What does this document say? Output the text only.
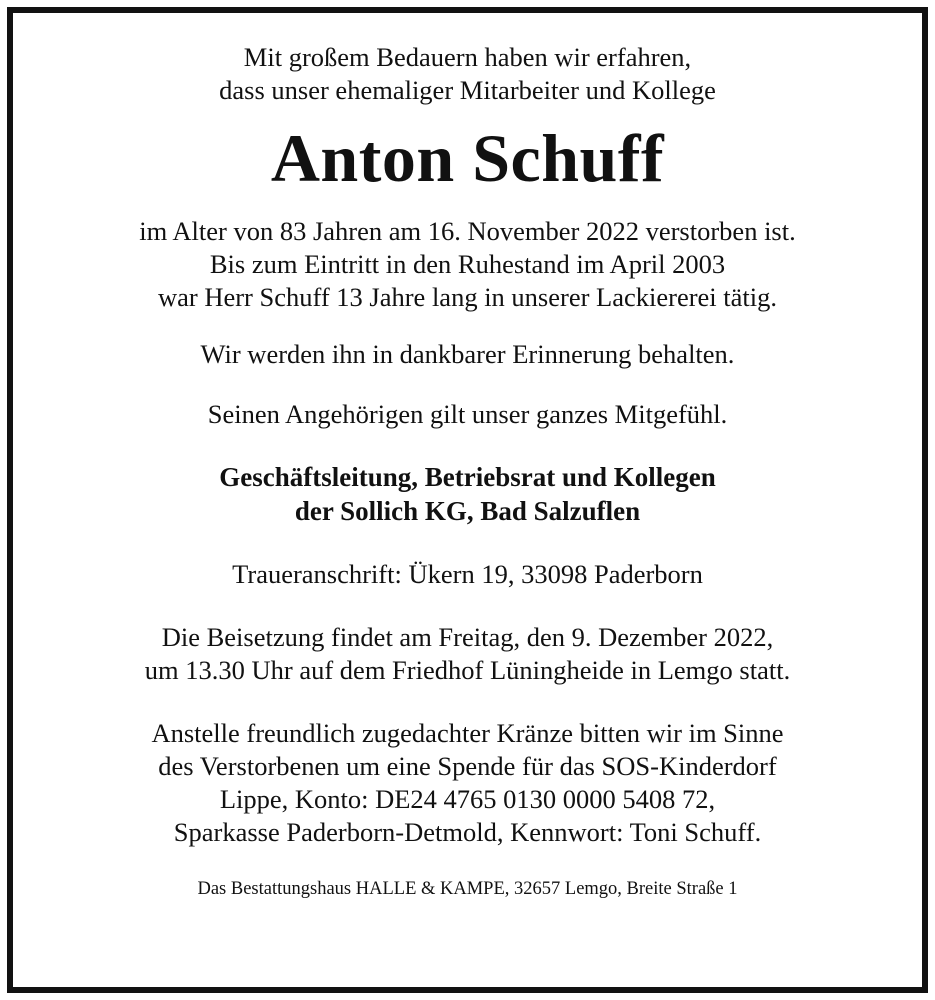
Mit großem Bedauern haben wir erfahren,
dass unser ehemaliger Mitarbeiter und Kollege
Anton Schuff
im Alter von 83 Jahren am 16. November 2022 verstorben ist.
Bis zum Eintritt in den Ruhestand im April 2003
war Herr Schuff 13 Jahre lang in unserer Lackiererei tätig.
Wir werden ihn in dankbarer Erinnerung behalten.
Seinen Angehörigen gilt unser ganzes Mitgefühl.
Geschäftsleitung, Betriebsrat und Kollegen
der Sollich KG, Bad Salzuflen
Traueranschrift: Ükern 19, 33098 Paderborn
Die Beisetzung findet am Freitag, den 9. Dezember 2022,
um 13.30 Uhr auf dem Friedhof Lüningheide in Lemgo statt.
Anstelle freundlich zugedachter Kränze bitten wir im Sinne
des Verstorbenen um eine Spende für das SOS-Kinderdorf
Lippe, Konto: DE24 4765 0130 0000 5408 72,
Sparkasse Paderborn-Detmold, Kennwort: Toni Schuff.
Das Bestattungshaus HALLE & KAMPE, 32657 Lemgo, Breite Straße 1
